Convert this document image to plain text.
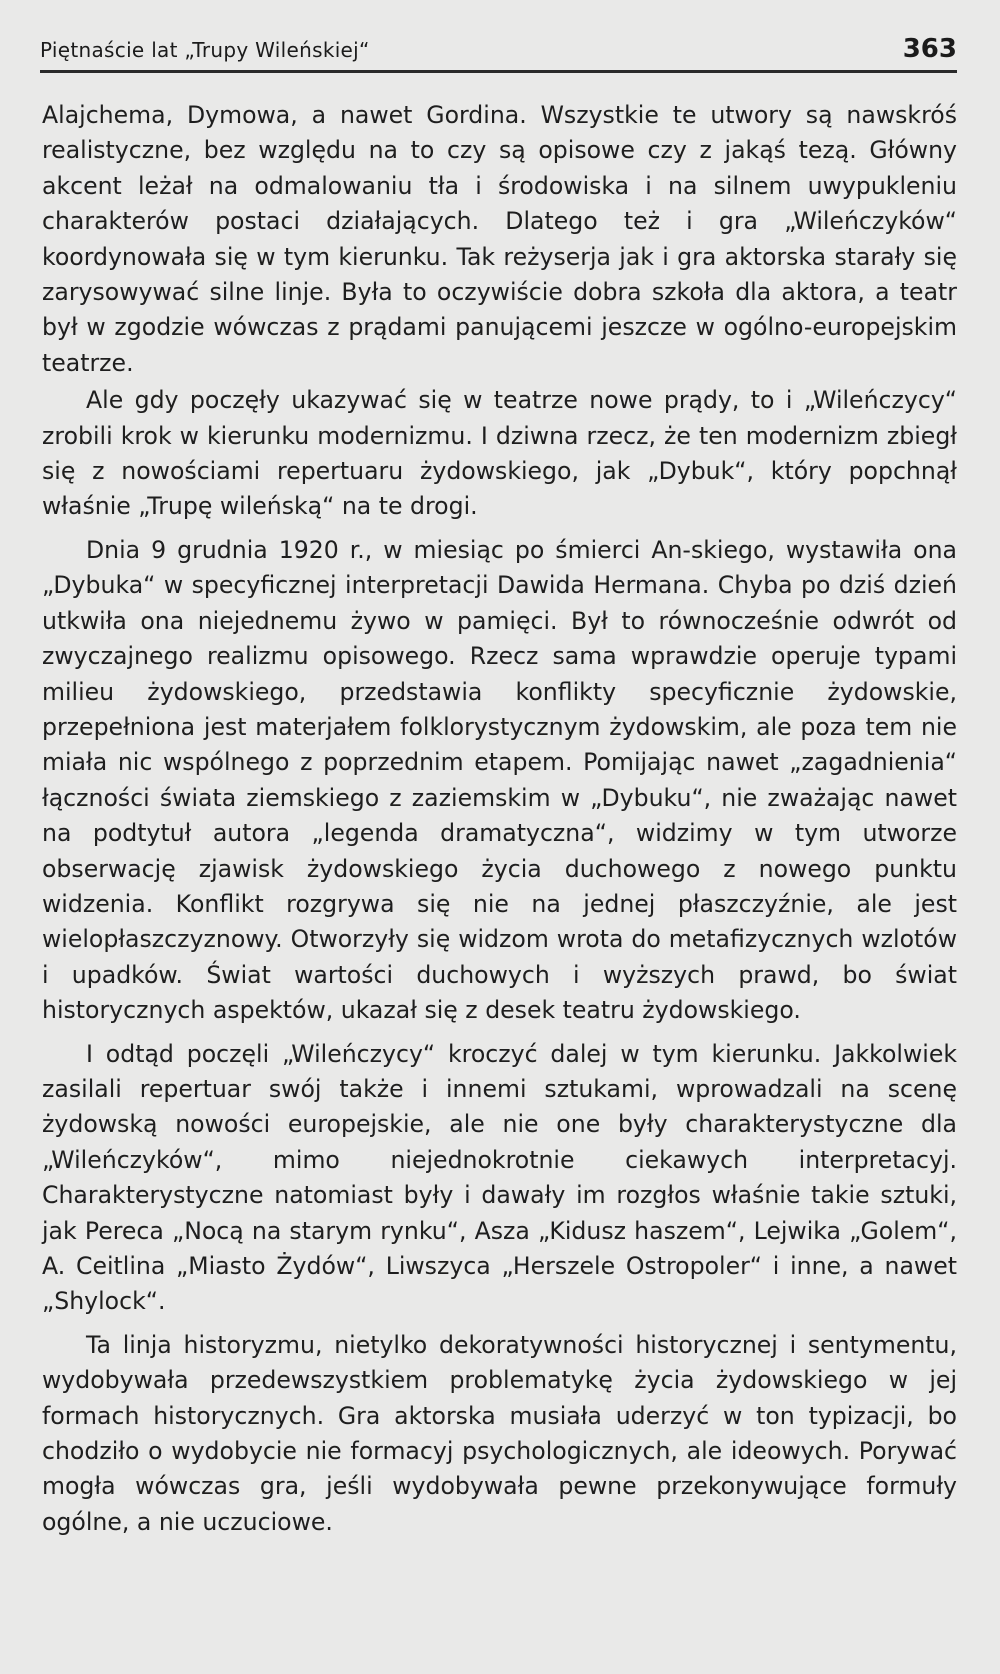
Piętnaście lat „Trupy Wileńskiej“	363

Alajchema, Dymowa, a nawet Gordina. Wszystkie te utwory są nawskróś realistyczne, bez względu na to czy są opisowe czy z jakąś tezą. Główny akcent leżał na odmalowaniu tła i środowiska i na silnem uwypukleniu charakterów postaci działających. Dlatego też i gra „Wileńczyków“ koordynowała się w tym kierunku. Tak reżyserja jak i gra aktorska starały się zarysowywać silne linje. Była to oczywiście dobra szkoła dla aktora, a teatr był w zgodzie wówczas z prądami panującemi jeszcze w ogólno-europejskim teatrze.

Ale gdy poczęły ukazywać się w teatrze nowe prądy, to i „Wileńczycy“ zrobili krok w kierunku modernizmu. I dziwna rzecz, że ten modernizm zbiegł się z nowościami repertuaru żydowskiego, jak „Dybuk“, który popchnął właśnie „Trupę wileńską“ na te drogi.

Dnia 9 grudnia 1920 r., w miesiąc po śmierci An-skiego, wystawiła ona „Dybuka“ w specyficznej interpretacji Dawida Hermana. Chyba po dziś dzień utkwiła ona niejednemu żywo w pamięci. Był to równocześnie odwrót od zwyczajnego realizmu opisowego. Rzecz sama wprawdzie operuje typami milieu żydowskiego, przedstawia konflikty specyficznie żydowskie, przepełniona jest materjałem folklorystycznym żydowskim, ale poza tem nie miała nic wspólnego z poprzednim etapem. Pomijając nawet „zagadnienia“ łączności świata ziemskiego z zaziemskim w „Dybuku“, nie zważając nawet na podtytuł autora „legenda dramatyczna“, widzimy w tym utworze obserwację zjawisk żydowskiego życia duchowego z nowego punktu widzenia. Konflikt rozgrywa się nie na jednej płaszczyźnie, ale jest wielopłaszczyznowy. Otworzyły się widzom wrota do metafizycznych wzlotów i upadków. Świat wartości duchowych i wyższych prawd, bo świat historycznych aspektów, ukazał się z desek teatru żydowskiego.

I odtąd poczęli „Wileńczycy“ kroczyć dalej w tym kierunku. Jakkolwiek zasilali repertuar swój także i innemi sztukami, wprowadzali na scenę żydowską nowości europejskie, ale nie one były charakterystyczne dla „Wileńczyków“, mimo niejednokrotnie ciekawych interpretacyj. Charakterystyczne natomiast były i dawały im rozgłos właśnie takie sztuki, jak Pereca „Nocą na starym rynku“, Asza „Kidusz haszem“, Lejwika „Golem“, A. Ceitlina „Miasto Żydów“, Liwszyca „Herszele Ostropoler“ i inne, a nawet „Shylock“.

Ta linja historyzmu, nietylko dekoratywności historycznej i sentymentu, wydobywała przedewszystkiem problematykę życia żydowskiego w jej formach historycznych. Gra aktorska musiała uderzyć w ton typizacji, bo chodziło o wydobycie nie formacyj psychologicznych, ale ideowych. Porywać mogła wówczas gra, jeśli wydobywała pewne przekonywujące formuły ogólne, a nie uczuciowe.
